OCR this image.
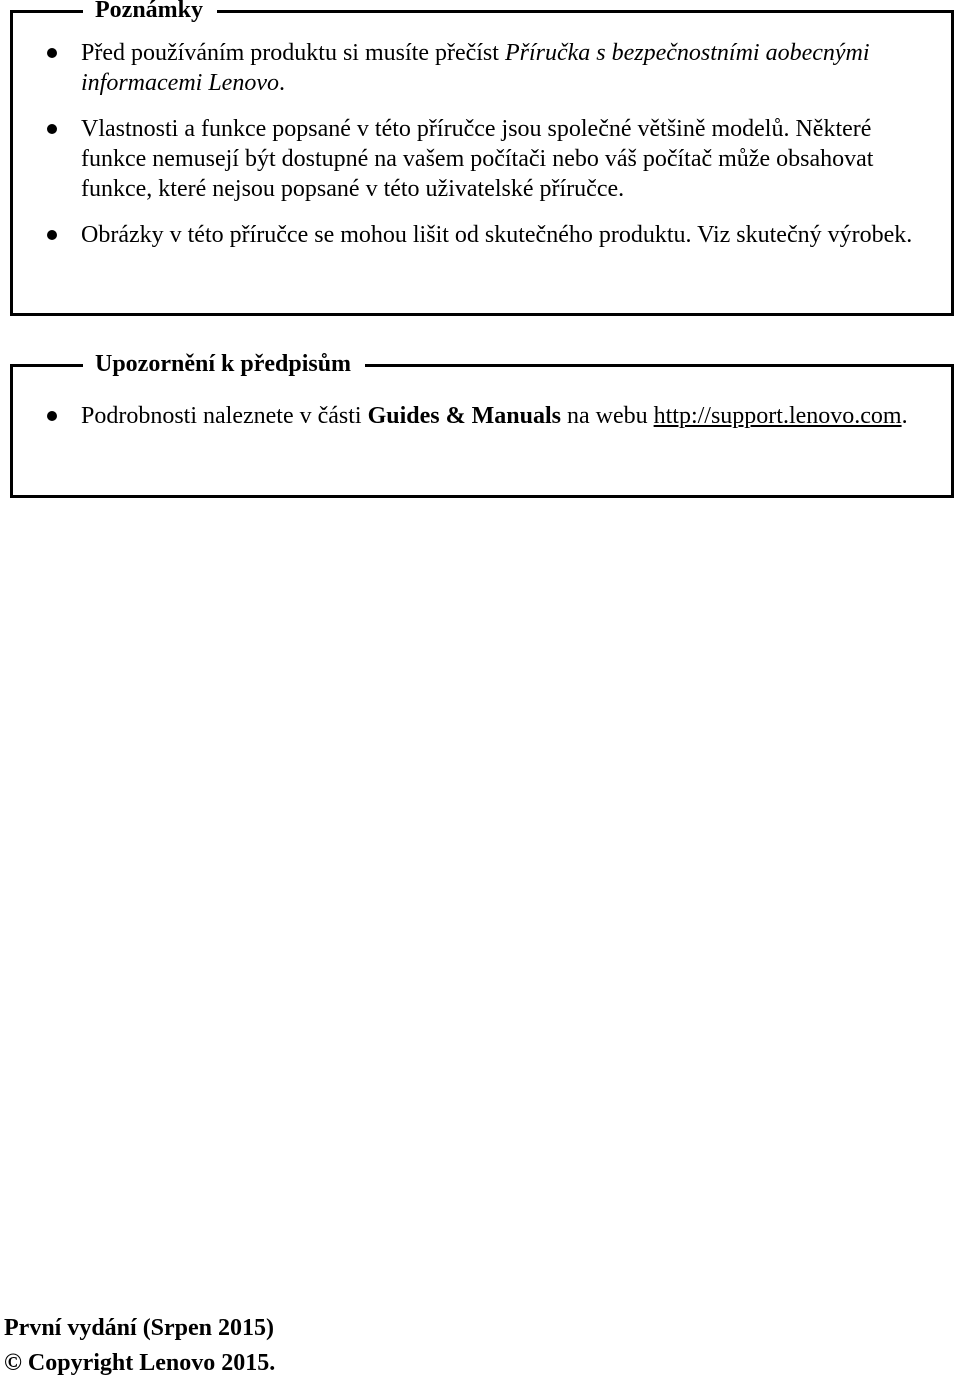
Poznámky
Před používáním produktu si musíte přečíst Příručka s bezpečnostními aobecnými informacemi Lenovo.
Vlastnosti a funkce popsané v této příručce jsou společné většině modelů. Některé funkce nemusejí být dostupné na vašem počítači nebo váš počítač může obsahovat funkce, které nejsou popsané v této uživatelské příručce.
Obrázky v této příručce se mohou lišit od skutečného produktu. Viz skutečný výrobek.
Upozornění k předpisům
Podrobnosti naleznete v části Guides & Manuals na webu http://support.lenovo.com.
První vydání (Srpen 2015)
© Copyright Lenovo 2015.
